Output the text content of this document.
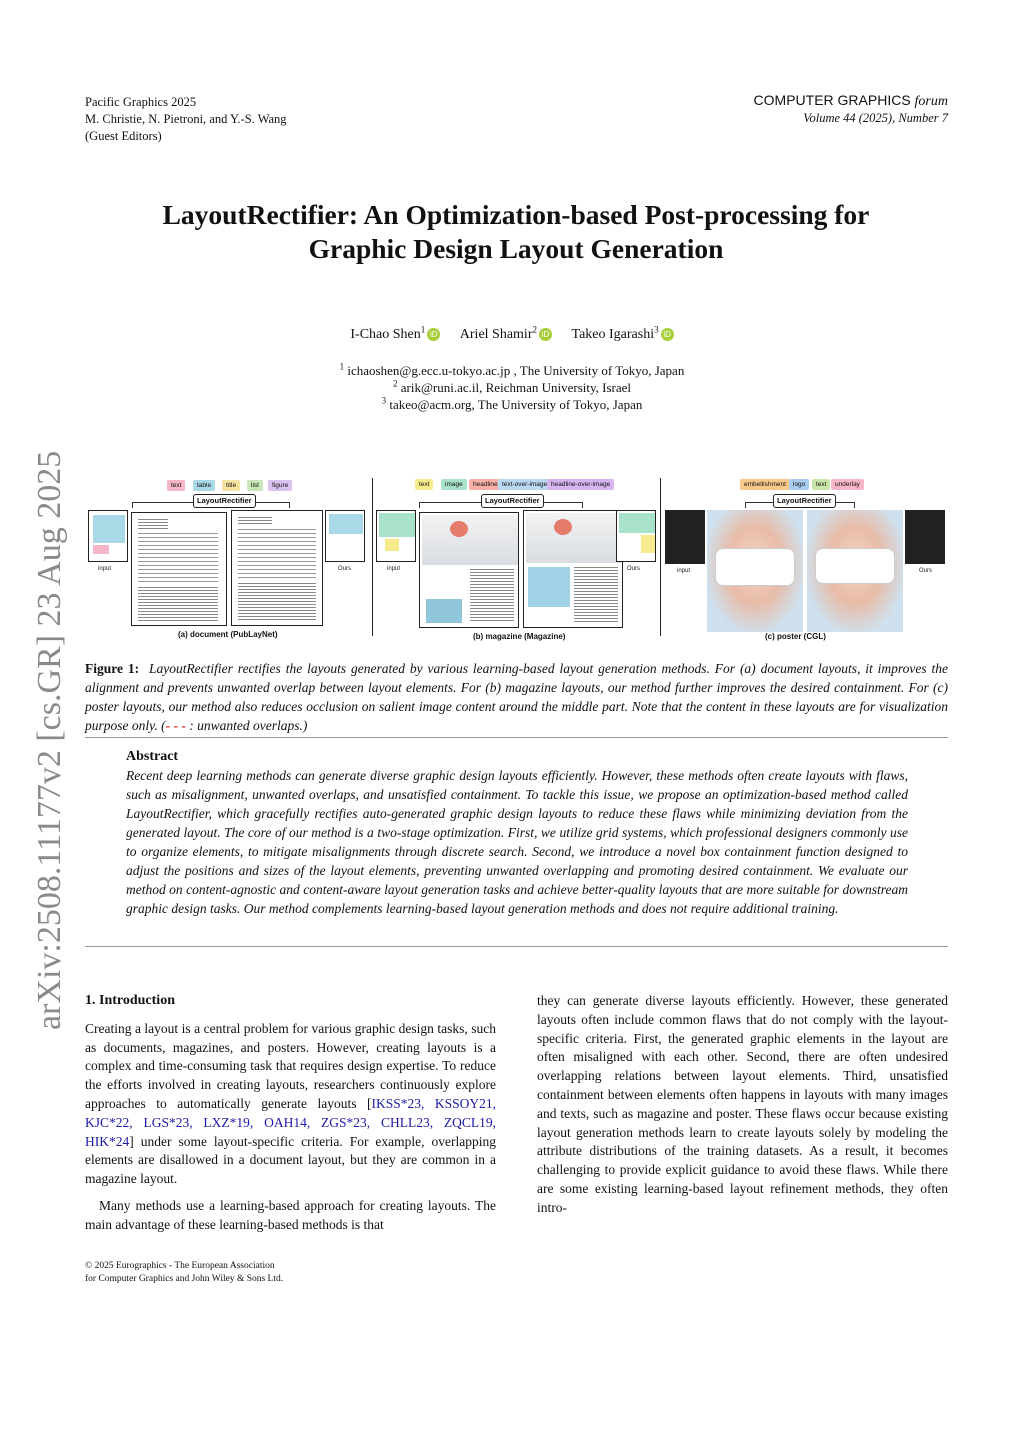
Pacific Graphics 2025
M. Christie, N. Pietroni, and Y.-S. Wang
(Guest Editors)
COMPUTER GRAPHICS forum
Volume 44 (2025), Number 7
arXiv:2508.11177v2 [cs.GR] 23 Aug 2025
LayoutRectifier: An Optimization-based Post-processing for
Graphic Design Layout Generation
I-Chao Shen$^1$iD Ariel Shamir$^2$iD Takeo Igarashi$^3$iD
$^1$ ichaoshen@g.ecc.u-tokyo.ac.jp , The University of Tokyo, Japan
$^2$ arik@runi.ac.il, Reichman University, Israel
$^3$ takeo@acm.org, The University of Tokyo, Japan
text	table	title	list	figure
LayoutRectifier
input	Ours
(a) document (PubLayNet)
text	image	headline text-over-image headline-over-image
LayoutRectifier
input	Ours
(b) magazine (Magazine)
embellishment	logo	text	underlay
LayoutRectifier
input	Ours
(c) poster (CGL)
Figure 1: LayoutRectifier rectifies the layouts generated by various learning-based layout generation methods. For (a) document layouts, it improves the alignment and prevents unwanted overlap between layout elements. For (b) magazine layouts, our method further improves the desired containment. For (c) poster layouts, our method also reduces occlusion on salient image content around the middle part. Note that the content in these layouts are for visualization purpose only. (- - - : unwanted overlaps.)
Abstract

Recent deep learning methods can generate diverse graphic design layouts efficiently. However, these methods often create layouts with flaws, such as misalignment, unwanted overlaps, and unsatisfied containment. To tackle this issue, we propose an optimization-based method called LayoutRectifier, which gracefully rectifies auto-generated graphic design layouts to reduce these flaws while minimizing deviation from the generated layout. The core of our method is a two-stage optimization. First, we utilize grid systems, which professional designers commonly use to organize elements, to mitigate misalignments through discrete search. Second, we introduce a novel box containment function designed to adjust the positions and sizes of the layout elements, preventing unwanted overlapping and promoting desired containment. We evaluate our method on content-agnostic and content-aware layout generation tasks and achieve better-quality layouts that are more suitable for downstream graphic design tasks. Our method complements learning-based layout generation methods and does not require additional training.

1. Introduction

Creating a layout is a central problem for various graphic design tasks, such as documents, magazines, and posters. However, creating layouts is a complex and time-consuming task that requires design expertise. To reduce the efforts involved in creating layouts, researchers continuously explore approaches to automatically generate layouts [IKSS*23, KSSOY21, KJC*22, LGS*23, LXZ*19, OAH14, ZGS*23, CHLL23, ZQCL19, HIK*24] under some layout-specific criteria. For example, overlapping elements are disallowed in a document layout, but they are common in a magazine layout.

Many methods use a learning-based approach for creating layouts. The main advantage of these learning-based methods is that

they can generate diverse layouts efficiently. However, these generated layouts often include common flaws that do not comply with the layout-specific criteria. First, the generated graphic elements in the layout are often misaligned with each other. Second, there are often undesired overlapping relations between layout elements. Third, unsatisfied containment between elements often happens in layouts with many images and texts, such as magazine and poster. These flaws occur because existing layout generation methods learn to create layouts solely by modeling the attribute distributions of the training datasets. As a result, it becomes challenging to provide explicit guidance to avoid these flaws. While there are some existing learning-based layout refinement methods, they often intro-

© 2025 Eurographics - The European Association
for Computer Graphics and John Wiley & Sons Ltd.
